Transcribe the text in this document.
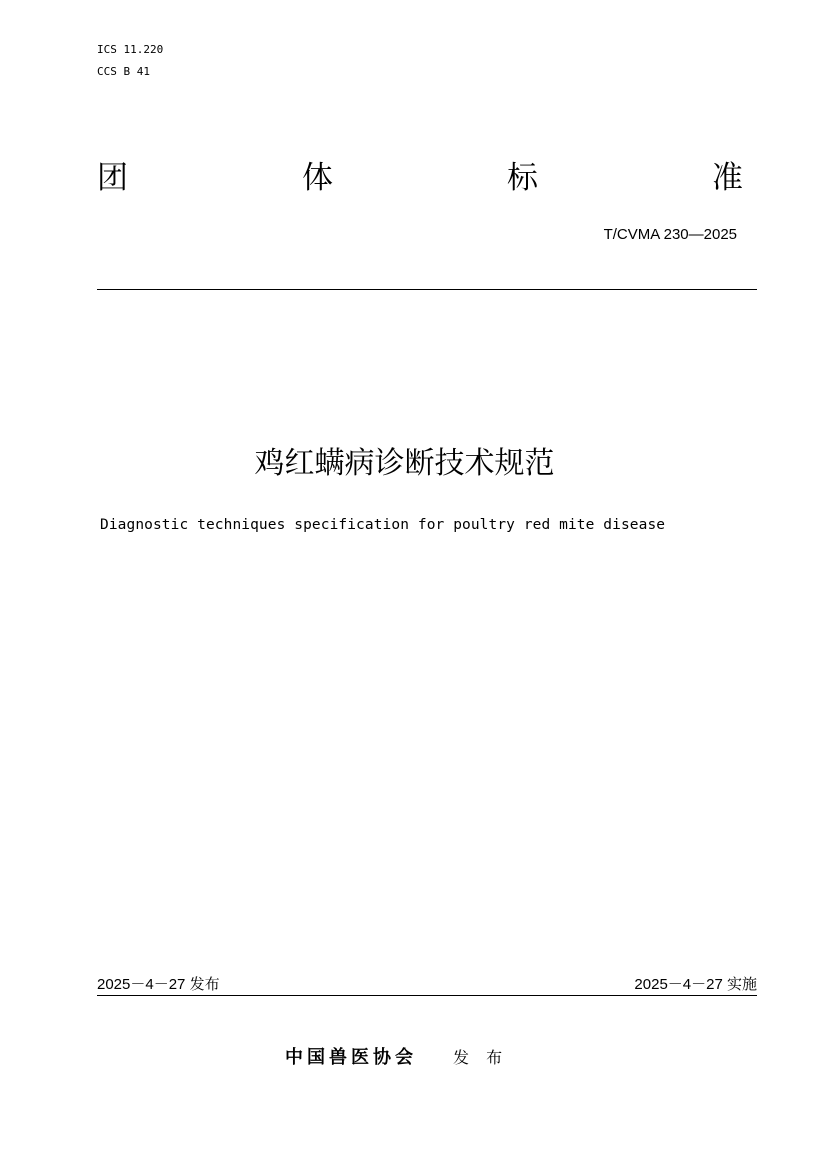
ICS 11.220
CCS B 41
团	体	标	准
T/CVMA 230—2025
鸡红螨病诊断技术规范
Diagnostic techniques specification for poultry red mite disease
2025－4－27 发布	2025－4－27 实施
中国兽医协会 发 布
